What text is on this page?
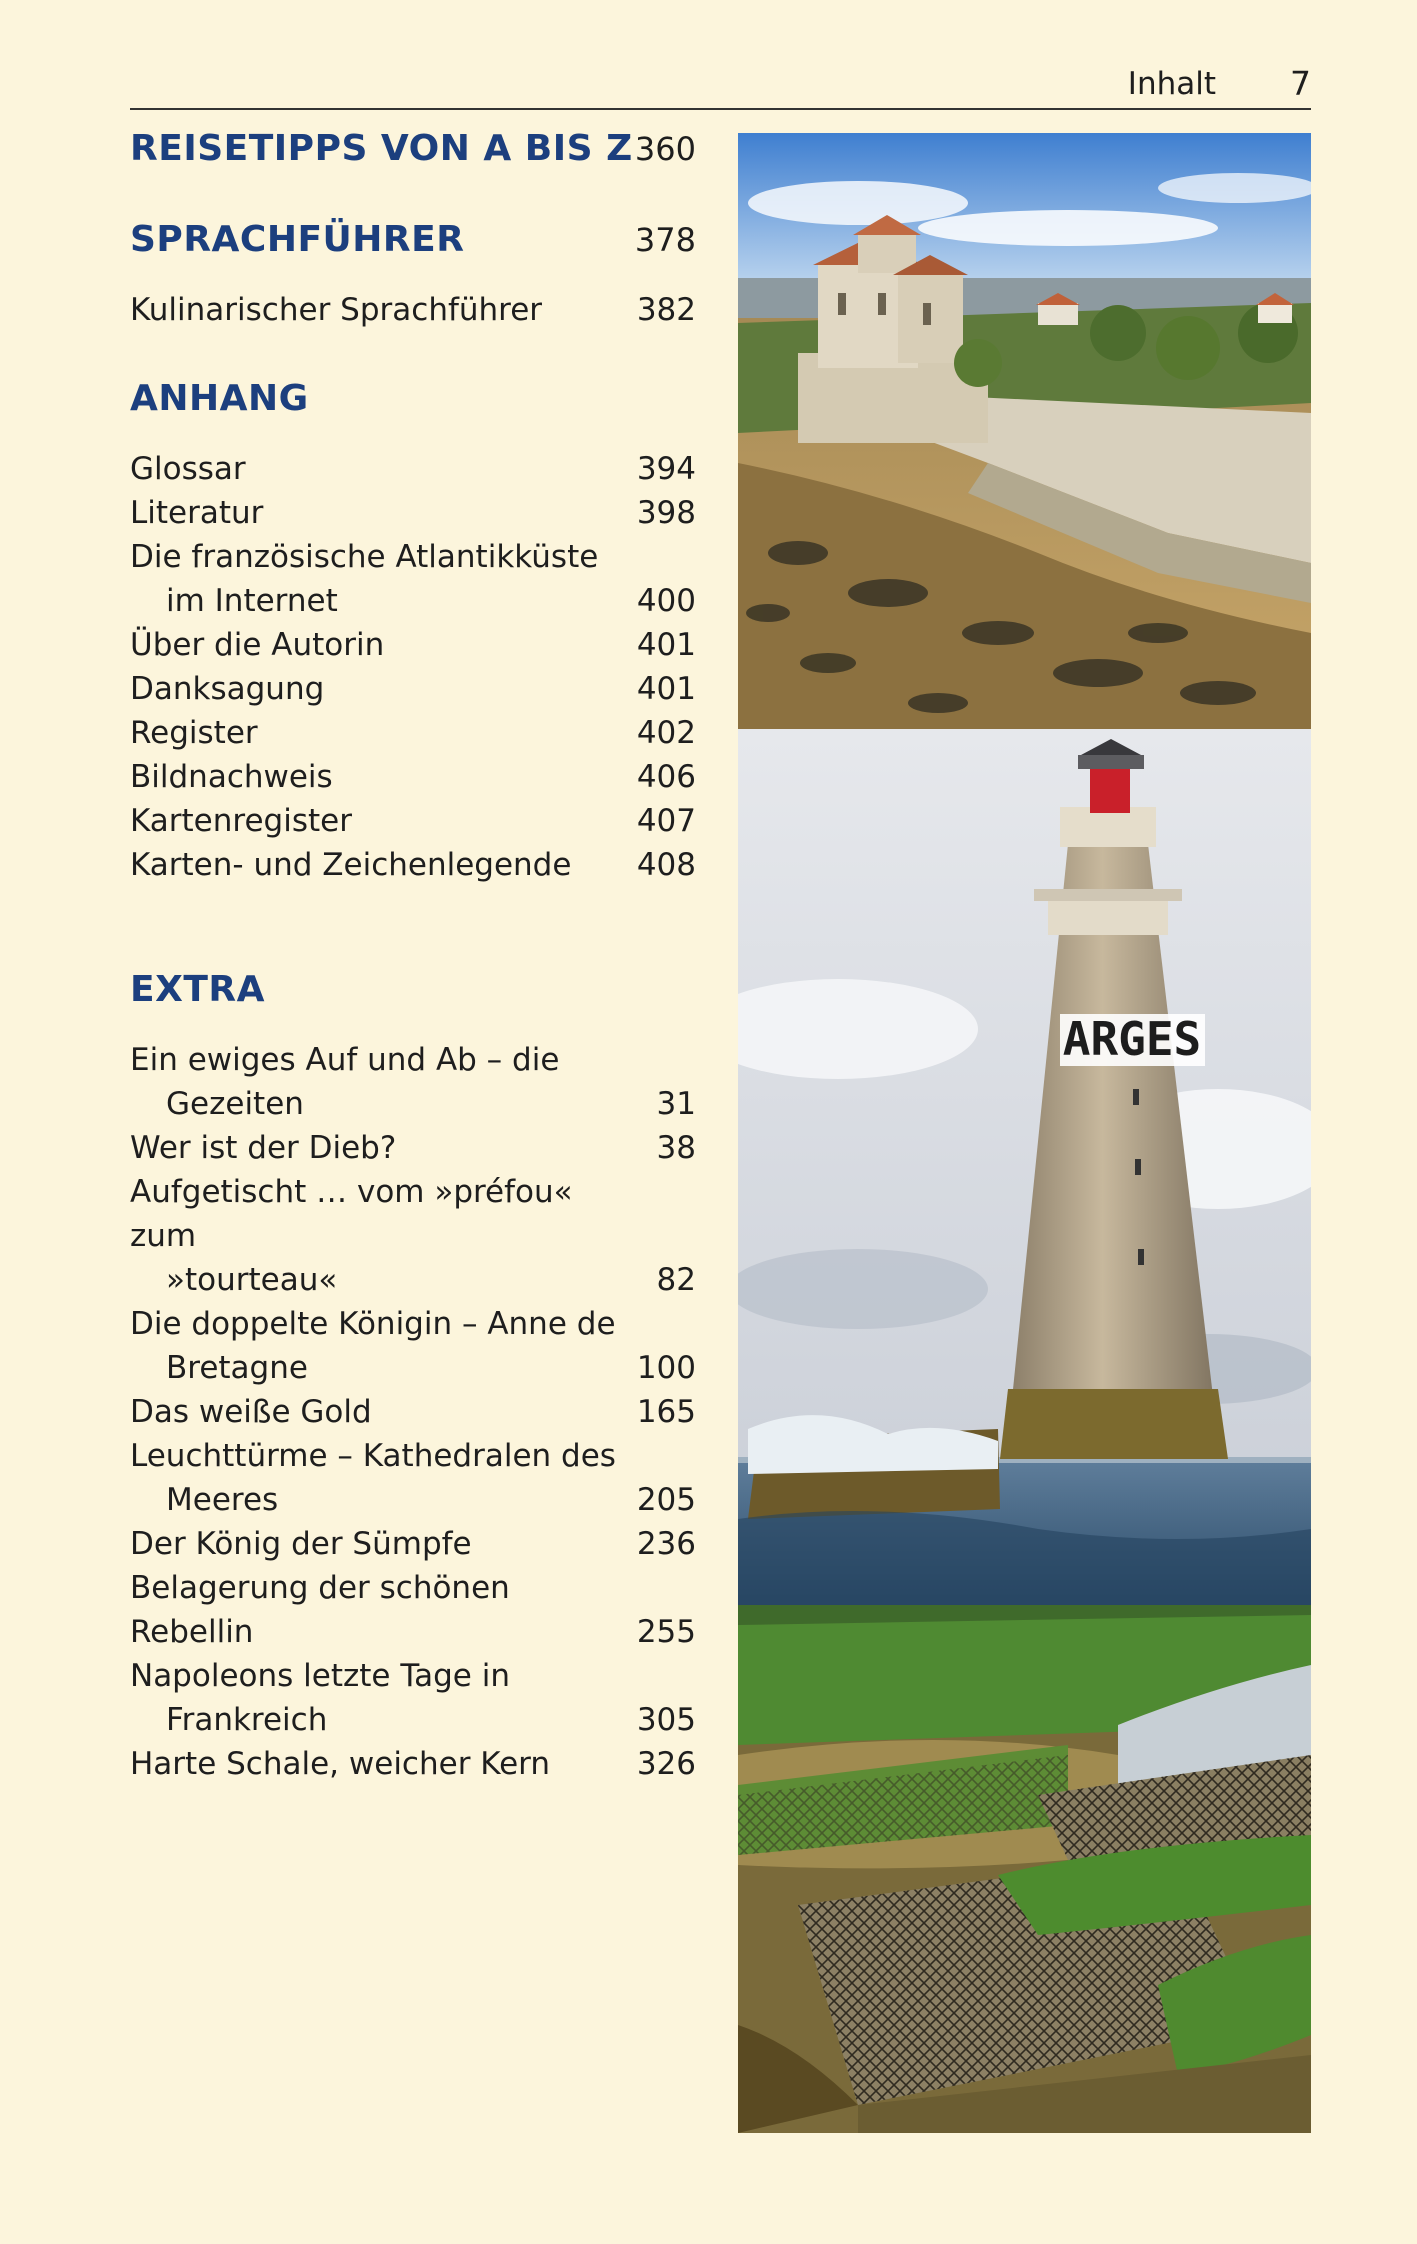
Inhalt 7
REISETIPPS VON A BIS Z 360
SPRACHFÜHRER	378
Kulinarischer Sprachführer	382
ANHANG
Glossar	394
Literatur	398
Die französische Atlantikküste
im Internet	400
Über die Autorin	401
Danksagung	401
Register	402
Bildnachweis	406
Kartenregister	407
Karten- und Zeichenlegende	408
EXTRA
Ein ewiges Auf und Ab – die
Gezeiten	31
Wer ist der Dieb?	38
Aufgetischt … vom »préfou« zum
»tourteau«	82
Die doppelte Königin – Anne de
Bretagne	100
Das weiße Gold	165
Leuchttürme – Kathedralen des
Meeres	205
Der König der Sümpfe	236
Belagerung der schönen Rebellin	255
Napoleons letzte Tage in
Frankreich	305
Harte Schale, weicher Kern	326
ARGES
